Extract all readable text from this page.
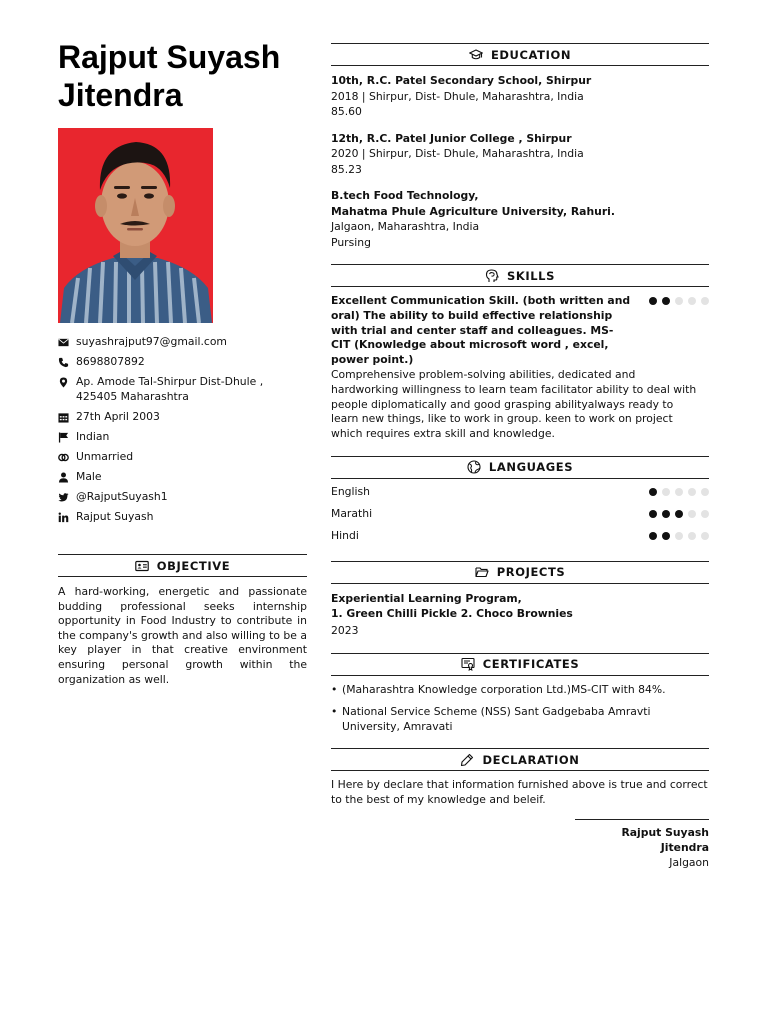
Rajput Suyash
Jitendra
suyashrajput97@gmail.com
8698807892
Ap. Amode Tal-Shirpur Dist-Dhule , 425405 Maharashtra
27th April 2003
Indian
Unmarried
Male
@RajputSuyash1
Rajput Suyash
OBJECTIVE
A hard-working, energetic and passionate budding professional seeks internship opportunity in Food Industry to contribute in the company's growth and also willing to be a key player in that creative environment ensuring personal growth within the organization as well.
EDUCATION
10th, R.C. Patel Secondary School, Shirpur
2018 | Shirpur, Dist- Dhule, Maharashtra, India
85.60
12th, R.C. Patel Junior College , Shirpur
2020 | Shirpur, Dist- Dhule, Maharashtra, India
85.23
B.tech Food Technology,
Mahatma Phule Agriculture University, Rahuri.
Jalgaon, Maharashtra, India
Pursing
SKILLS
Excellent Communication Skill. (both written and oral) The ability to build effective relationship with trial and center staff and colleagues. MS-CIT (Knowledge about microsoft word , excel, power point.)
Comprehensive problem-solving abilities, dedicated and hardworking willingness to learn team facilitator ability to deal with people diplomatically and good grasping abilityalways ready to learn new things, like to work in group. keen to work on project which requires extra skill and knowledge.
LANGUAGES
English
Marathi
Hindi
PROJECTS
Experiential Learning Program,
1. Green Chilli Pickle 2. Choco Brownies
2023
CERTIFICATES
• (Maharashtra Knowledge corporation Ltd.)MS-CIT with 84%.
• National Service Scheme (NSS) Sant Gadgebaba Amravti University, Amravati
DECLARATION
I Here by declare that information furnished above is true and correct to the best of my knowledge and beleif.
Rajput Suyash Jitendra
Jalgaon
